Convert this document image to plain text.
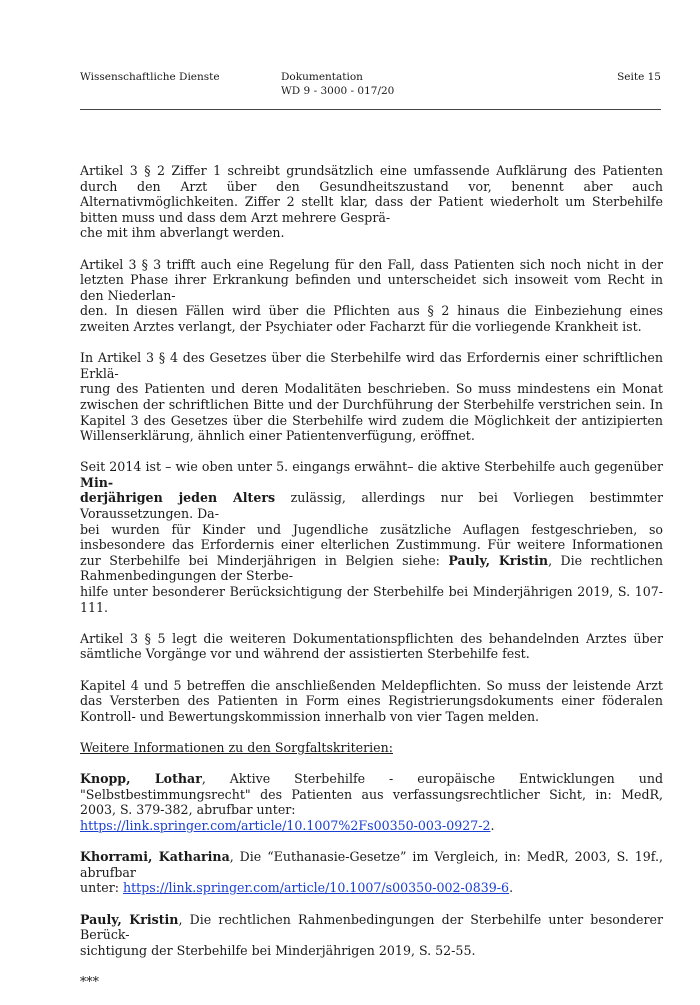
Wissenschaftliche Dienste	Dokumentation
WD 9 - 3000 - 017/20
Seite 15

Artikel 3 § 2 Ziffer 1 schreibt grundsätzlich eine umfassende Aufklärung des Patienten durch den Arzt über den Gesundheitszustand vor, benennt aber auch Alternativmöglichkeiten. Ziffer 2 stellt klar, dass der Patient wiederholt um Sterbehilfe bitten muss und dass dem Arzt mehrere Gesprä-
che mit ihm abverlangt werden.

Artikel 3 § 3 trifft auch eine Regelung für den Fall, dass Patienten sich noch nicht in der letzten Phase ihrer Erkrankung befinden und unterscheidet sich insoweit vom Recht in den Niederlan-
den. In diesen Fällen wird über die Pflichten aus § 2 hinaus die Einbeziehung eines zweiten Arztes verlangt, der Psychiater oder Facharzt für die vorliegende Krankheit ist.

In Artikel 3 § 4 des Gesetzes über die Sterbehilfe wird das Erfordernis einer schriftlichen Erklä-
rung des Patienten und deren Modalitäten beschrieben. So muss mindestens ein Monat zwischen der schriftlichen Bitte und der Durchführung der Sterbehilfe verstrichen sein. In Kapitel 3 des Gesetzes über die Sterbehilfe wird zudem die Möglichkeit der antizipierten Willenserklärung, ähnlich einer Patientenverfügung, eröffnet.

Seit 2014 ist – wie oben unter 5. eingangs erwähnt– die aktive Sterbehilfe auch gegenüber Min-
derjährigen jeden Alters zulässig, allerdings nur bei Vorliegen bestimmter Voraussetzungen. Da-
bei wurden für Kinder und Jugendliche zusätzliche Auflagen festgeschrieben, so insbesondere das Erfordernis einer elterlichen Zustimmung. Für weitere Informationen zur Sterbehilfe bei Minderjährigen in Belgien siehe: Pauly, Kristin, Die rechtlichen Rahmenbedingungen der Sterbe-
hilfe unter besonderer Berücksichtigung der Sterbehilfe bei Minderjährigen 2019, S. 107-111.

Artikel 3 § 5 legt die weiteren Dokumentationspflichten des behandelnden Arztes über sämtliche Vorgänge vor und während der assistierten Sterbehilfe fest.

Kapitel 4 und 5 betreffen die anschließenden Meldepflichten. So muss der leistende Arzt das Versterben des Patienten in Form eines Registrierungsdokuments einer föderalen Kontroll- und Bewertungskommission innerhalb von vier Tagen melden.

Weitere Informationen zu den Sorgfaltskriterien:

Knopp, Lothar, Aktive Sterbehilfe - europäische Entwicklungen und "Selbstbestimmungsrecht" des Patienten aus verfassungsrechtlicher Sicht, in: MedR, 2003, S. 379-382, abrufbar unter:
https://link.springer.com/article/10.1007%2Fs00350-003-0927-2.

Khorrami, Katharina, Die “Euthanasie-Gesetze” im Vergleich, in: MedR, 2003, S. 19f., abrufbar
unter: https://link.springer.com/article/10.1007/s00350-002-0839-6.

Pauly, Kristin, Die rechtlichen Rahmenbedingungen der Sterbehilfe unter besonderer Berück-
sichtigung der Sterbehilfe bei Minderjährigen 2019, S. 52-55.

***
